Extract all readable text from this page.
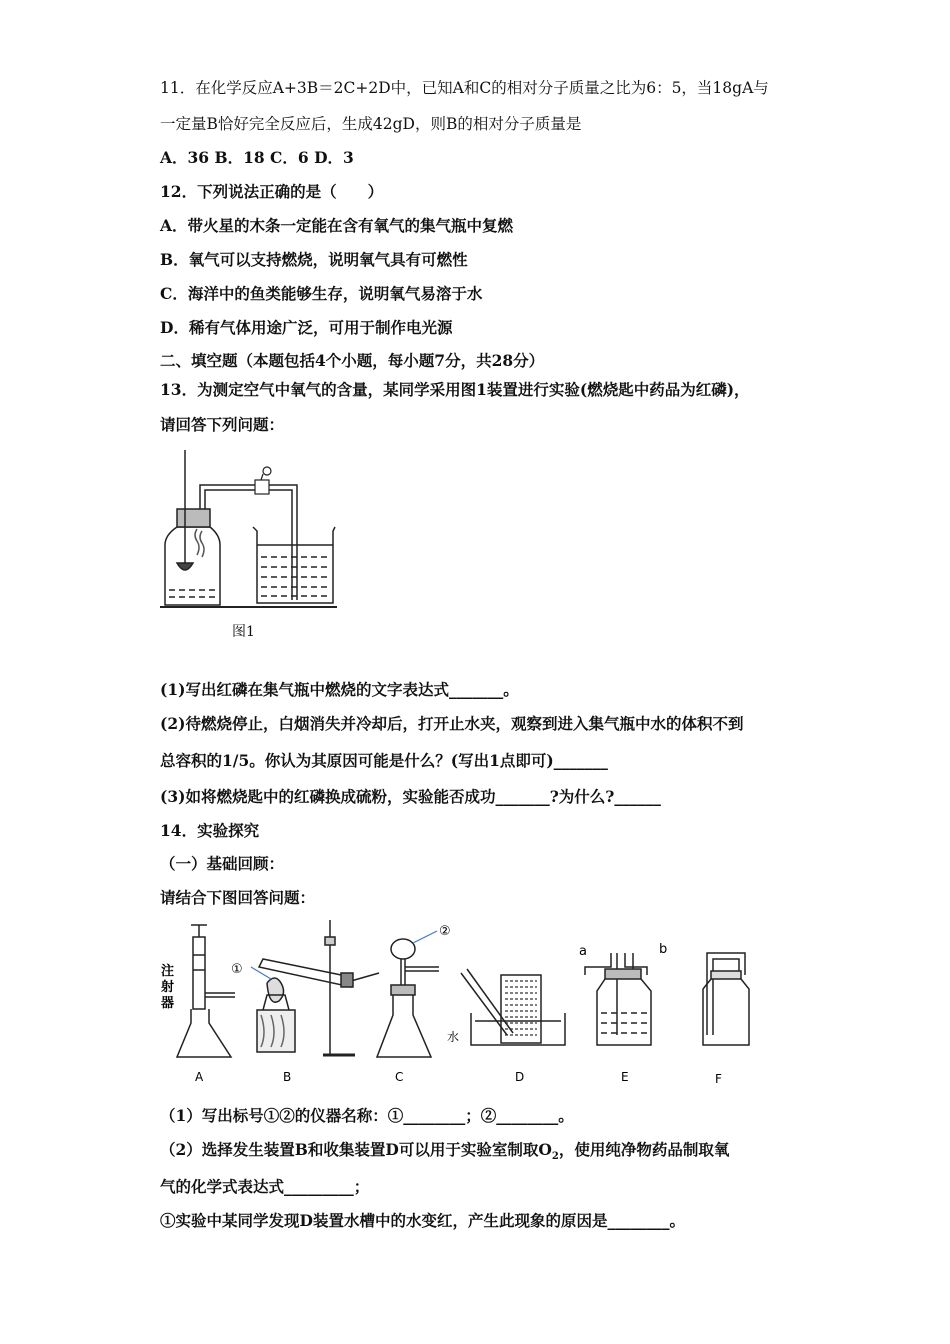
11．在化学反应A+3B＝2C+2D中，已知A和C的相对分子质量之比为6：5，当18gA与
一定量B恰好完全反应后，生成42gD，则B的相对分子质量是
A．36 B．18 C．6 D．3
12．下列说法正确的是（　　）
A．带火星的木条一定能在含有氧气的集气瓶中复燃
B．氧气可以支持燃烧，说明氧气具有可燃性
C．海洋中的鱼类能够生存，说明氧气易溶于水
D．稀有气体用途广泛，可用于制作电光源
二、填空题（本题包括4个小题，每小题7分，共28分）
13．为测定空气中氧气的含量，某同学采用图1装置进行实验(燃烧匙中药品为红磷)，
请回答下列问题：
图1
(1)写出红磷在集气瓶中燃烧的文字表达式_______。
(2)待燃烧停止，白烟消失并冷却后，打开止水夹，观察到进入集气瓶中水的体积不到
总容积的1/5。你认为其原因可能是什么？(写出1点即可)_______
(3)如将燃烧匙中的红磷换成硫粉，实验能否成功_______?为什么?______
14．实验探究
（一）基础回顾：
请结合下图回答问题：
注射器
A
①
B
②
C
水
D
a	b
E	F
（1）写出标号①②的仪器名称：①________；②________。
（2）选择发生装置B和收集装置D可以用于实验室制取$O_2$，使用纯净物药品制取氧
气的化学式表达式_________；
①实验中某同学发现D装置水槽中的水变红，产生此现象的原因是________。
